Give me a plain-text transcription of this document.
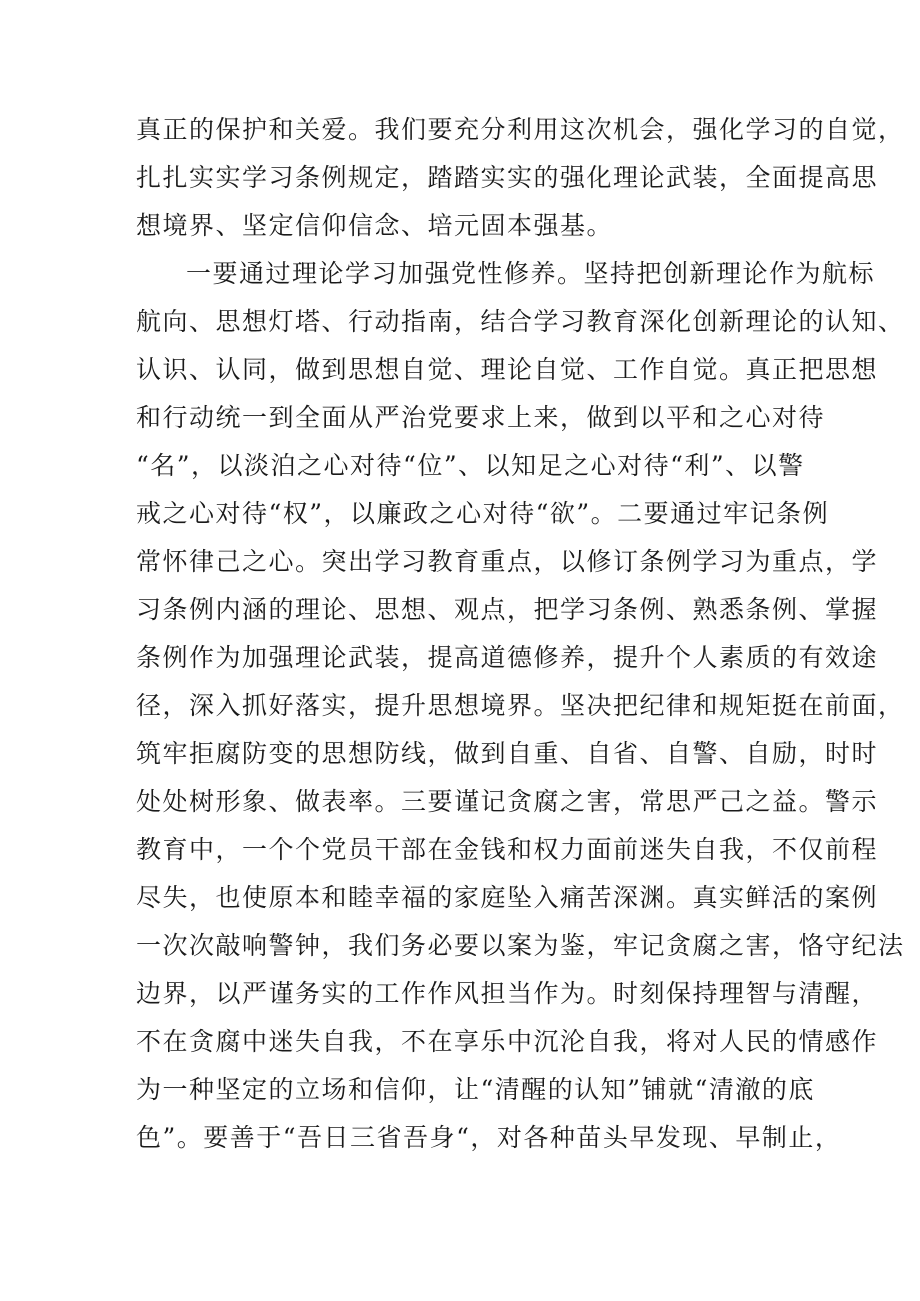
真正的保护和关爱。我们要充分利用这次机会，强化学习的自觉，
扎扎实实学习条例规定，踏踏实实的强化理论武装，全面提高思
想境界、坚定信仰信念、培元固本强基。
一要通过理论学习加强党性修养。坚持把创新理论作为航标
航向、思想灯塔、行动指南，结合学习教育深化创新理论的认知、
认识、认同，做到思想自觉、理论自觉、工作自觉。真正把思想
和行动统一到全面从严治党要求上来，做到以平和之心对待
“名”，以淡泊之心对待“位”、以知足之心对待“利”、以警
戒之心对待“权”，以廉政之心对待“欲”。二要通过牢记条例
常怀律己之心。突出学习教育重点，以修订条例学习为重点，学
习条例内涵的理论、思想、观点，把学习条例、熟悉条例、掌握
条例作为加强理论武装，提高道德修养，提升个人素质的有效途
径，深入抓好落实，提升思想境界。坚决把纪律和规矩挺在前面，
筑牢拒腐防变的思想防线，做到自重、自省、自警、自励，时时
处处树形象、做表率。三要谨记贪腐之害，常思严己之益。警示
教育中，一个个党员干部在金钱和权力面前迷失自我，不仅前程
尽失，也使原本和睦幸福的家庭坠入痛苦深渊。真实鲜活的案例
一次次敲响警钟，我们务必要以案为鉴，牢记贪腐之害，恪守纪法
边界，以严谨务实的工作作风担当作为。时刻保持理智与清醒，
不在贪腐中迷失自我，不在享乐中沉沦自我，将对人民的情感作
为一种坚定的立场和信仰，让“清醒的认知”铺就“清澈的底
色”。要善于“吾日三省吾身“，对各种苗头早发现、早制止，
